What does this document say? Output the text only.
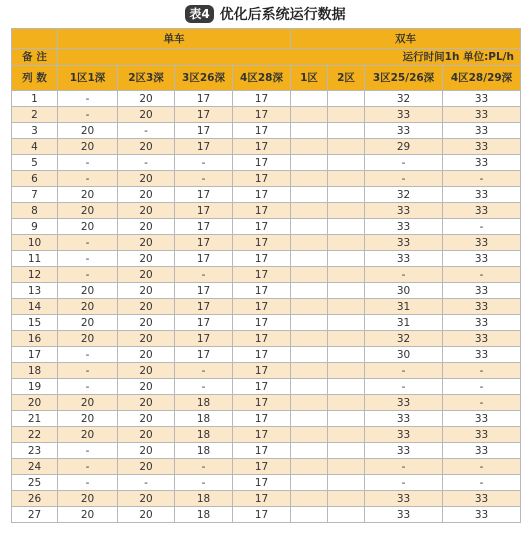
表4 优化后系统运行数据
	单车				双车			
备 注	运行时间1h 单位:PL/h							
列 数	1区1深	2区3深	3区26深	4区28深	1区	2区	3区25/26深	4区28/29深
1	-	20	17	17			32	33
2	-	20	17	17			33	33
3	20	-	17	17			33	33
4	20	20	17	17			29	33
5	-	-	-	17			-	33
6	-	20	-	17			-	-
7	20	20	17	17			32	33
8	20	20	17	17			33	33
9	20	20	17	17			33	-
10	-	20	17	17			33	33
11	-	20	17	17			33	33
12	-	20	-	17			-	-
13	20	20	17	17			30	33
14	20	20	17	17			31	33
15	20	20	17	17			31	33
16	20	20	17	17			32	33
17	-	20	17	17			30	33
18	-	20	-	17			-	-
19	-	20	-	17			-	-
20	20	20	18	17			33	-
21	20	20	18	17			33	33
22	20	20	18	17			33	33
23	-	20	18	17			33	33
24	-	20	-	17			-	-
25	-	-	-	17			-	-
26	20	20	18	17			33	33
27	20	20	18	17			33	33
